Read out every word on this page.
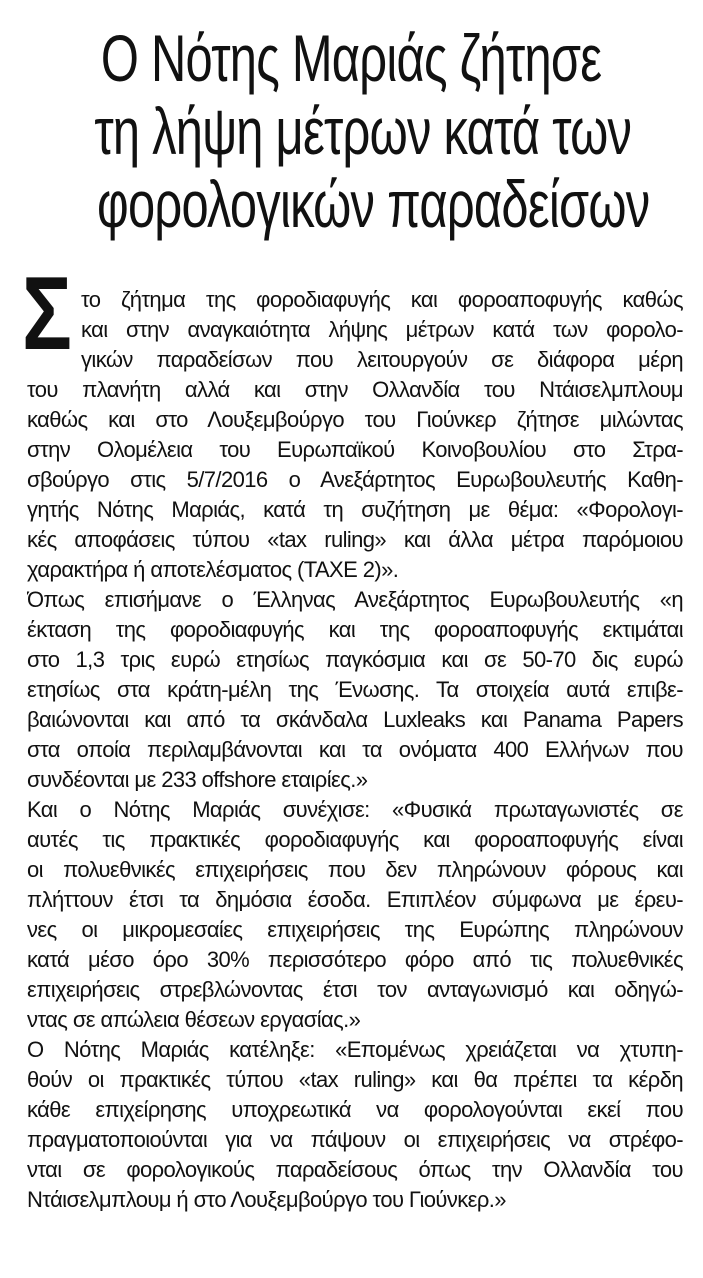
Ο Νότης Μαριάς ζήτησε
τη λήψη μέτρων κατά των
φορολογικών παραδείσων
Σ το ζήτημα της φοροδιαφυγής και φοροαποφυγής καθώς
και στην αναγκαιότητα λήψης μέτρων κατά των φορολο-
γικών παραδείσων που λειτουργούν σε διάφορα μέρη
του πλανήτη αλλά και στην Ολλανδία του Ντάισελμπλουμ
καθώς και στο Λουξεμβούργο του Γιούνκερ ζήτησε μιλώντας
στην Ολομέλεια του Ευρωπαϊκού Κοινοβουλίου στο Στρα-
σβούργο στις 5/7/2016 ο Ανεξάρτητος Ευρωβουλευτής Καθη-
γητής Νότης Μαριάς, κατά τη συζήτηση με θέμα: «Φορολογι-
κές αποφάσεις τύπου «tax ruling» και άλλα μέτρα παρόμοιου
χαρακτήρα ή αποτελέσματος (TAXE 2)».
Όπως επισήμανε ο Έλληνας Ανεξάρτητος Ευρωβουλευτής «η
έκταση της φοροδιαφυγής και της φοροαποφυγής εκτιμάται
στο 1,3 τρις ευρώ ετησίως παγκόσμια και σε 50-70 δις ευρώ
ετησίως στα κράτη-μέλη της Ένωσης. Τα στοιχεία αυτά επιβε-
βαιώνονται και από τα σκάνδαλα Luxleaks και Panama Papers
στα οποία περιλαμβάνονται και τα ονόματα 400 Ελλήνων που
συνδέονται με 233 offshore εταιρίες.»
Και ο Νότης Μαριάς συνέχισε: «Φυσικά πρωταγωνιστές σε
αυτές τις πρακτικές φοροδιαφυγής και φοροαποφυγής είναι
οι πολυεθνικές επιχειρήσεις που δεν πληρώνουν φόρους και
πλήττουν έτσι τα δημόσια έσοδα. Επιπλέον σύμφωνα με έρευ-
νες οι μικρομεσαίες επιχειρήσεις της Ευρώπης πληρώνουν
κατά μέσο όρο 30% περισσότερο φόρο από τις πολυεθνικές
επιχειρήσεις στρεβλώνοντας έτσι τον ανταγωνισμό και οδηγώ-
ντας σε απώλεια θέσεων εργασίας.»
Ο Νότης Μαριάς κατέληξε: «Επομένως χρειάζεται να χτυπη-
θούν οι πρακτικές τύπου «tax ruling» και θα πρέπει τα κέρδη
κάθε επιχείρησης υποχρεωτικά να φορολογούνται εκεί που
πραγματοποιούνται για να πάψουν οι επιχειρήσεις να στρέφο-
νται σε φορολογικούς παραδείσους όπως την Ολλανδία του
Ντάισελμπλουμ ή στο Λουξεμβούργο του Γιούνκερ.»
